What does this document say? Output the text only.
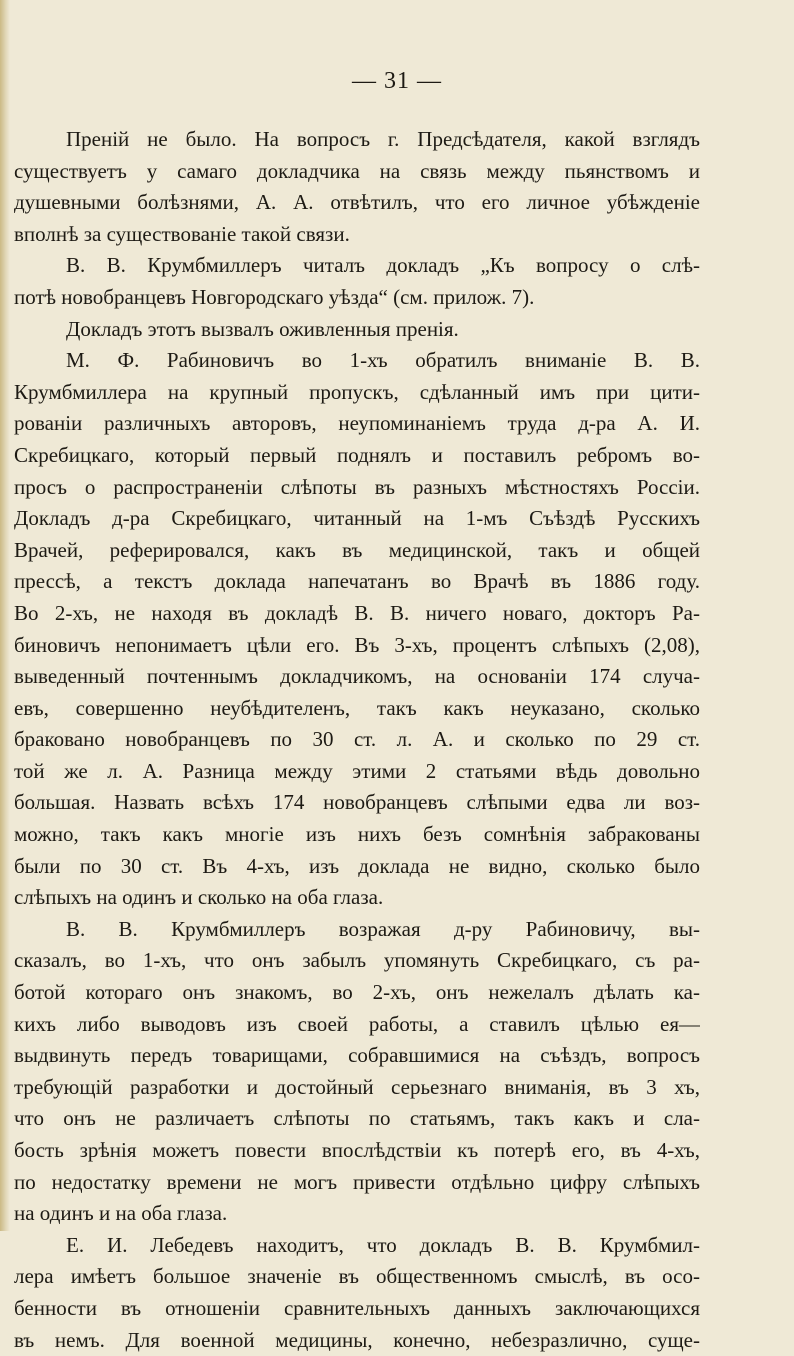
— 31 —
Преній не было. На вопросъ г. Предсѣдателя, какой взглядъ
существуетъ у самаго докладчика на связь между пьянствомъ и
душевными болѣзнями, А. А. отвѣтилъ, что его личное убѣжденіе
вполнѣ за существованіе такой связи.
В. В. Крумбмиллеръ читалъ докладъ „Къ вопросу о слѣ-
потѣ новобранцевъ Новгородскаго уѣзда“ (см. прилож. 7).
Докладъ этотъ вызвалъ оживленныя пренія.
М. Ф. Рабиновичъ во 1-хъ обратилъ вниманіе В. В.
Крумбмиллера на крупный пропускъ, сдѣланный имъ при цити-
рованіи различныхъ авторовъ, неупоминаніемъ труда д-ра А. И.
Скребицкаго, который первый поднялъ и поставилъ ребромъ во-
просъ о распространеніи слѣпоты въ разныхъ мѣстностяхъ Россіи.
Докладъ д-ра Скребицкаго, читанный на 1-мъ Съѣздѣ Русскихъ
Врачей, реферировался, какъ въ медицинской, такъ и общей
прессѣ, а текстъ доклада напечатанъ во Врачѣ въ 1886 году.
Во 2-хъ, не находя въ докладѣ В. В. ничего новаго, докторъ Ра-
биновичъ непонимаетъ цѣли его. Въ 3-хъ, процентъ слѣпыхъ (2,08),
выведенный почтеннымъ докладчикомъ, на основаніи 174 случа-
евъ, совершенно неубѣдителенъ, такъ какъ неуказано, сколько
браковано новобранцевъ по 30 ст. л. А. и сколько по 29 ст.
той же л. А. Разница между этими 2 статьями вѣдь довольно
большая. Назвать всѣхъ 174 новобранцевъ слѣпыми едва ли воз-
можно, такъ какъ многіе изъ нихъ безъ сомнѣнія забракованы
были по 30 ст. Въ 4-хъ, изъ доклада не видно, сколько было
слѣпыхъ на одинъ и сколько на оба глаза.
В. В. Крумбмиллеръ возражая д-ру Рабиновичу, вы-
сказалъ, во 1-хъ, что онъ забылъ упомянуть Скребицкаго, съ ра-
ботой котораго онъ знакомъ, во 2-хъ, онъ нежелалъ дѣлать ка-
кихъ либо выводовъ изъ своей работы, а ставилъ цѣлью ея—
выдвинуть передъ товарищами, собравшимися на съѣздъ, вопросъ
требующій разработки и достойный серьезнаго вниманія, въ 3 хъ,
что онъ не различаетъ слѣпоты по статьямъ, такъ какъ и сла-
бость зрѣнія можетъ повести впослѣдствіи къ потерѣ его, въ 4-хъ,
по недостатку времени не могъ привести отдѣльно цифру слѣпыхъ
на одинъ и на оба глаза.
Е. И. Лебедевъ находитъ, что докладъ В. В. Крумбмил-
лера имѣетъ большое значеніе въ общественномъ смыслѣ, въ осо-
бенности въ отношеніи сравнительныхъ данныхъ заключающихся
въ немъ. Для военной медицины, конечно, небезразлично, суще-
